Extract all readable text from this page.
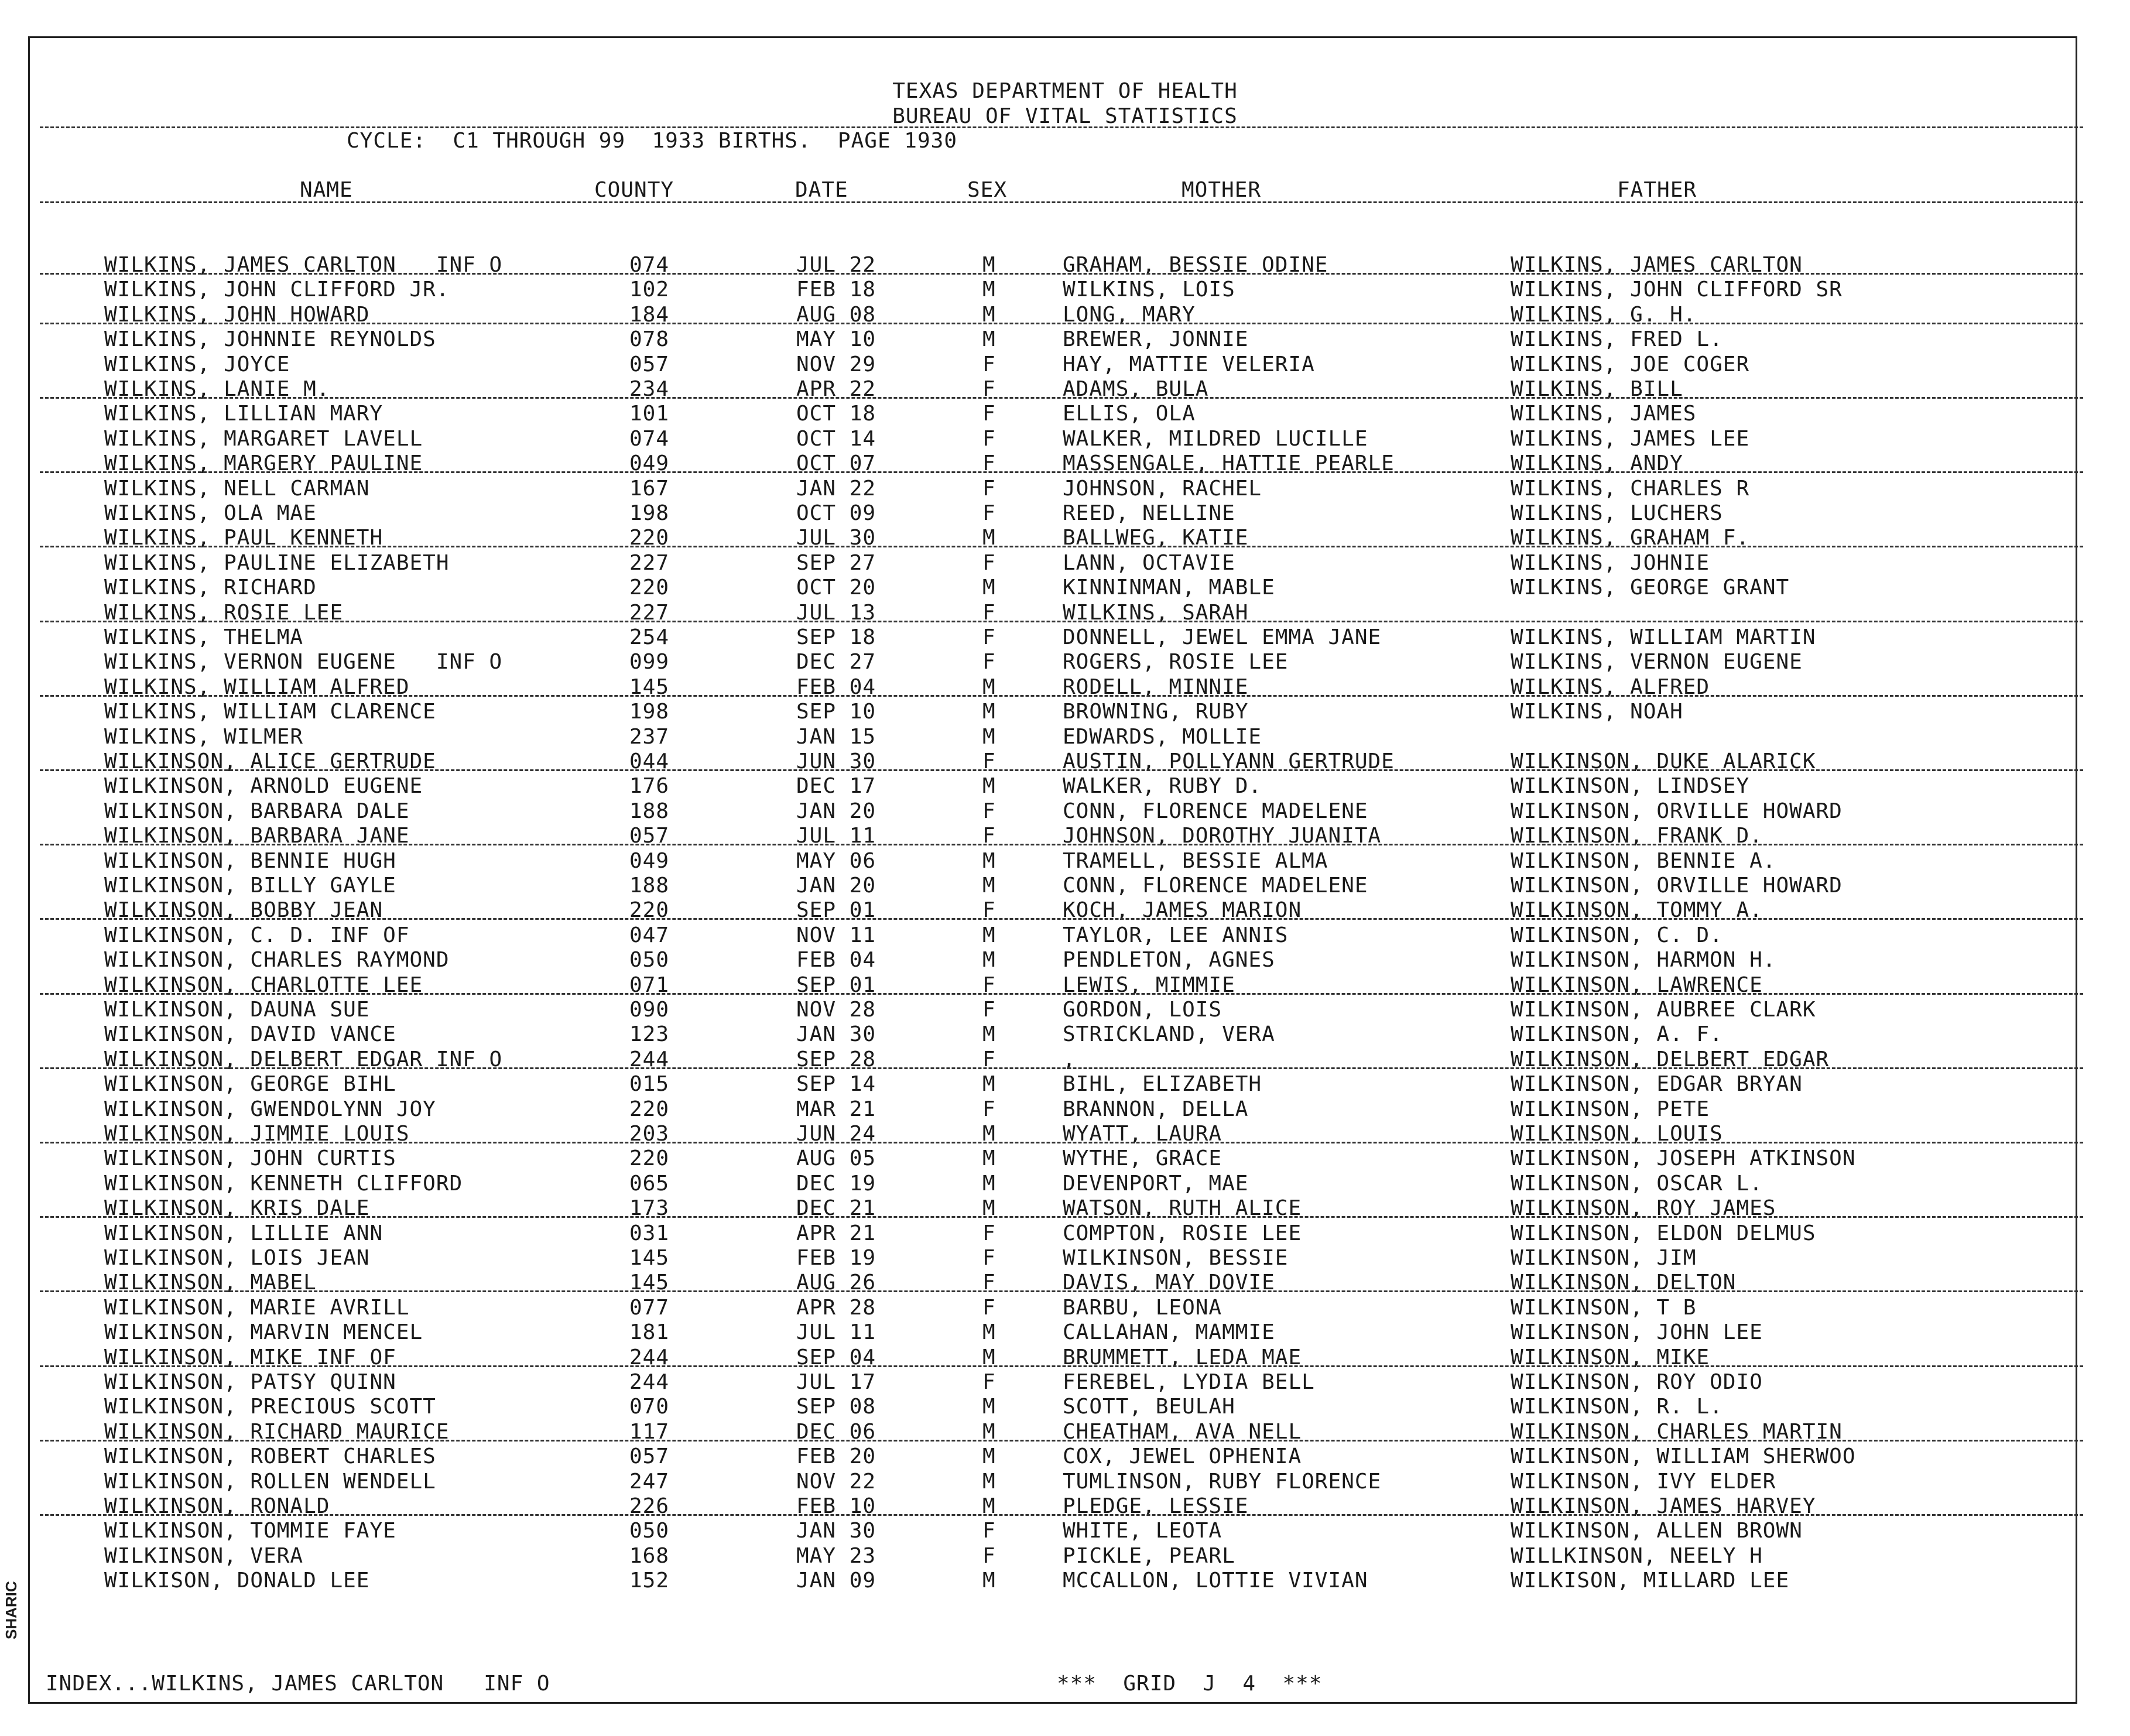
TEXAS DEPARTMENT OF HEALTH
BUREAU OF VITAL STATISTICS
CYCLE:  C1 THROUGH 99  1933 BIRTHS.  PAGE 1930
NAME	COUNTY	DATE	SEX	MOTHER	FATHER
WILKINS, JAMES CARLTON   INF O	074	JUL 22	M	GRAHAM, BESSIE ODINE	WILKINS, JAMES CARLTON
WILKINS, JOHN CLIFFORD JR.	102	FEB 18	M	WILKINS, LOIS	WILKINS, JOHN CLIFFORD SR
WILKINS, JOHN HOWARD	184	AUG 08	M	LONG, MARY	WILKINS, G. H.
WILKINS, JOHNNIE REYNOLDS	078	MAY 10	M	BREWER, JONNIE	WILKINS, FRED L.
WILKINS, JOYCE	057	NOV 29	F	HAY, MATTIE VELERIA	WILKINS, JOE COGER
WILKINS, LANIE M.	234	APR 22	F	ADAMS, BULA	WILKINS, BILL
WILKINS, LILLIAN MARY	101	OCT 18	F	ELLIS, OLA	WILKINS, JAMES
WILKINS, MARGARET LAVELL	074	OCT 14	F	WALKER, MILDRED LUCILLE	WILKINS, JAMES LEE
WILKINS, MARGERY PAULINE	049	OCT 07	F	MASSENGALE, HATTIE PEARLE	WILKINS, ANDY
WILKINS, NELL CARMAN	167	JAN 22	F	JOHNSON, RACHEL	WILKINS, CHARLES R
WILKINS, OLA MAE	198	OCT 09	F	REED, NELLINE	WILKINS, LUCHERS
WILKINS, PAUL KENNETH	220	JUL 30	M	BALLWEG, KATIE	WILKINS, GRAHAM F.
WILKINS, PAULINE ELIZABETH	227	SEP 27	F	LANN, OCTAVIE	WILKINS, JOHNIE
WILKINS, RICHARD	220	OCT 20	M	KINNINMAN, MABLE	WILKINS, GEORGE GRANT
WILKINS, ROSIE LEE	227	JUL 13	F	WILKINS, SARAH
WILKINS, THELMA	254	SEP 18	F	DONNELL, JEWEL EMMA JANE	WILKINS, WILLIAM MARTIN
WILKINS, VERNON EUGENE   INF O	099	DEC 27	F	ROGERS, ROSIE LEE	WILKINS, VERNON EUGENE
WILKINS, WILLIAM ALFRED	145	FEB 04	M	RODELL, MINNIE	WILKINS, ALFRED
WILKINS, WILLIAM CLARENCE	198	SEP 10	M	BROWNING, RUBY	WILKINS, NOAH
WILKINS, WILMER	237	JAN 15	M	EDWARDS, MOLLIE
WILKINSON, ALICE GERTRUDE	044	JUN 30	F	AUSTIN, POLLYANN GERTRUDE	WILKINSON, DUKE ALARICK
WILKINSON, ARNOLD EUGENE	176	DEC 17	M	WALKER, RUBY D.	WILKINSON, LINDSEY
WILKINSON, BARBARA DALE	188	JAN 20	F	CONN, FLORENCE MADELENE	WILKINSON, ORVILLE HOWARD
WILKINSON, BARBARA JANE	057	JUL 11	F	JOHNSON, DOROTHY JUANITA	WILKINSON, FRANK D.
WILKINSON, BENNIE HUGH	049	MAY 06	M	TRAMELL, BESSIE ALMA	WILKINSON, BENNIE A.
WILKINSON, BILLY GAYLE	188	JAN 20	M	CONN, FLORENCE MADELENE	WILKINSON, ORVILLE HOWARD
WILKINSON, BOBBY JEAN	220	SEP 01	F	KOCH, JAMES MARION	WILKINSON, TOMMY A.
WILKINSON, C. D. INF OF	047	NOV 11	M	TAYLOR, LEE ANNIS	WILKINSON, C. D.
WILKINSON, CHARLES RAYMOND	050	FEB 04	M	PENDLETON, AGNES	WILKINSON, HARMON H.
WILKINSON, CHARLOTTE LEE	071	SEP 01	F	LEWIS, MIMMIE	WILKINSON, LAWRENCE
WILKINSON, DAUNA SUE	090	NOV 28	F	GORDON, LOIS	WILKINSON, AUBREE CLARK
WILKINSON, DAVID VANCE	123	JAN 30	M	STRICKLAND, VERA	WILKINSON, A. F.
WILKINSON, DELBERT EDGAR INF O	244	SEP 28	F	,	WILKINSON, DELBERT EDGAR
WILKINSON, GEORGE BIHL	015	SEP 14	M	BIHL, ELIZABETH	WILKINSON, EDGAR BRYAN
WILKINSON, GWENDOLYNN JOY	220	MAR 21	F	BRANNON, DELLA	WILKINSON, PETE
WILKINSON, JIMMIE LOUIS	203	JUN 24	M	WYATT, LAURA	WILKINSON, LOUIS
WILKINSON, JOHN CURTIS	220	AUG 05	M	WYTHE, GRACE	WILKINSON, JOSEPH ATKINSON
WILKINSON, KENNETH CLIFFORD	065	DEC 19	M	DEVENPORT, MAE	WILKINSON, OSCAR L.
WILKINSON, KRIS DALE	173	DEC 21	M	WATSON, RUTH ALICE	WILKINSON, ROY JAMES
WILKINSON, LILLIE ANN	031	APR 21	F	COMPTON, ROSIE LEE	WILKINSON, ELDON DELMUS
WILKINSON, LOIS JEAN	145	FEB 19	F	WILKINSON, BESSIE	WILKINSON, JIM
WILKINSON, MABEL	145	AUG 26	F	DAVIS, MAY DOVIE	WILKINSON, DELTON
WILKINSON, MARIE AVRILL	077	APR 28	F	BARBU, LEONA	WILKINSON, T B
WILKINSON, MARVIN MENCEL	181	JUL 11	M	CALLAHAN, MAMMIE	WILKINSON, JOHN LEE
WILKINSON, MIKE INF OF	244	SEP 04	M	BRUMMETT, LEDA MAE	WILKINSON, MIKE
WILKINSON, PATSY QUINN	244	JUL 17	F	FEREBEL, LYDIA BELL	WILKINSON, ROY ODIO
WILKINSON, PRECIOUS SCOTT	070	SEP 08	M	SCOTT, BEULAH	WILKINSON, R. L.
WILKINSON, RICHARD MAURICE	117	DEC 06	M	CHEATHAM, AVA NELL	WILKINSON, CHARLES MARTIN
WILKINSON, ROBERT CHARLES	057	FEB 20	M	COX, JEWEL OPHENIA	WILKINSON, WILLIAM SHERWOO
WILKINSON, ROLLEN WENDELL	247	NOV 22	M	TUMLINSON, RUBY FLORENCE	WILKINSON, IVY ELDER
WILKINSON, RONALD	226	FEB 10	M	PLEDGE, LESSIE	WILKINSON, JAMES HARVEY
WILKINSON, TOMMIE FAYE	050	JAN 30	F	WHITE, LEOTA	WILKINSON, ALLEN BROWN
WILKINSON, VERA	168	MAY 23	F	PICKLE, PEARL	WILLKINSON, NEELY H
WILKISON, DONALD LEE	152	JAN 09	M	MCCALLON, LOTTIE VIVIAN	WILKISON, MILLARD LEE
INDEX...WILKINS, JAMES CARLTON   INF O	***  GRID  J  4  ***
SHARIC
